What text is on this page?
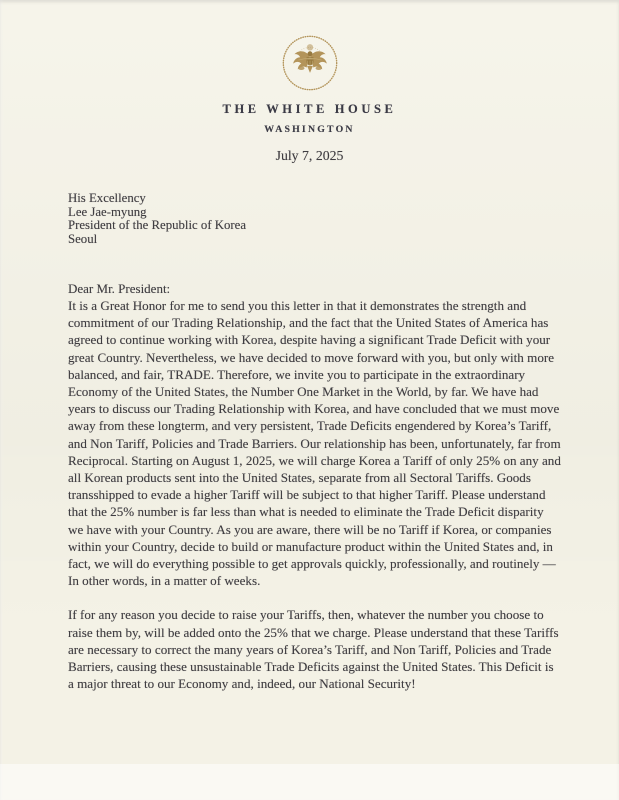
THE WHITE HOUSE
WASHINGTON
July 7, 2025
His Excellency
Lee Jae-myung
President of the Republic of Korea
Seoul
Dear Mr. President:

It is a Great Honor for me to send you this letter in that it demonstrates the strength and commitment of our Trading Relationship, and the fact that the United States of America has agreed to continue working with Korea, despite having a significant Trade Deficit with your great Country. Nevertheless, we have decided to move forward with you, but only with more balanced, and fair, TRADE. Therefore, we invite you to participate in the extraordinary Economy of the United States, the Number One Market in the World, by far. We have had years to discuss our Trading Relationship with Korea, and have concluded that we must move away from these longterm, and very persistent, Trade Deficits engendered by Korea’s Tariff, and Non Tariff, Policies and Trade Barriers. Our relationship has been, unfortunately, far from Reciprocal. Starting on August 1, 2025, we will charge Korea a Tariff of only 25% on any and all Korean products sent into the United States, separate from all Sectoral Tariffs. Goods transshipped to evade a higher Tariff will be subject to that higher Tariff. Please understand that the 25% number is far less than what is needed to eliminate the Trade Deficit disparity we have with your Country. As you are aware, there will be no Tariff if Korea, or companies within your Country, decide to build or manufacture product within the United States and, in fact, we will do everything possible to get approvals quickly, professionally, and routinely — In other words, in a matter of weeks.

If for any reason you decide to raise your Tariffs, then, whatever the number you choose to raise them by, will be added onto the 25% that we charge. Please understand that these Tariffs are necessary to correct the many years of Korea’s Tariff, and Non Tariff, Policies and Trade Barriers, causing these unsustainable Trade Deficits against the United States. This Deficit is a major threat to our Economy and, indeed, our National Security!
